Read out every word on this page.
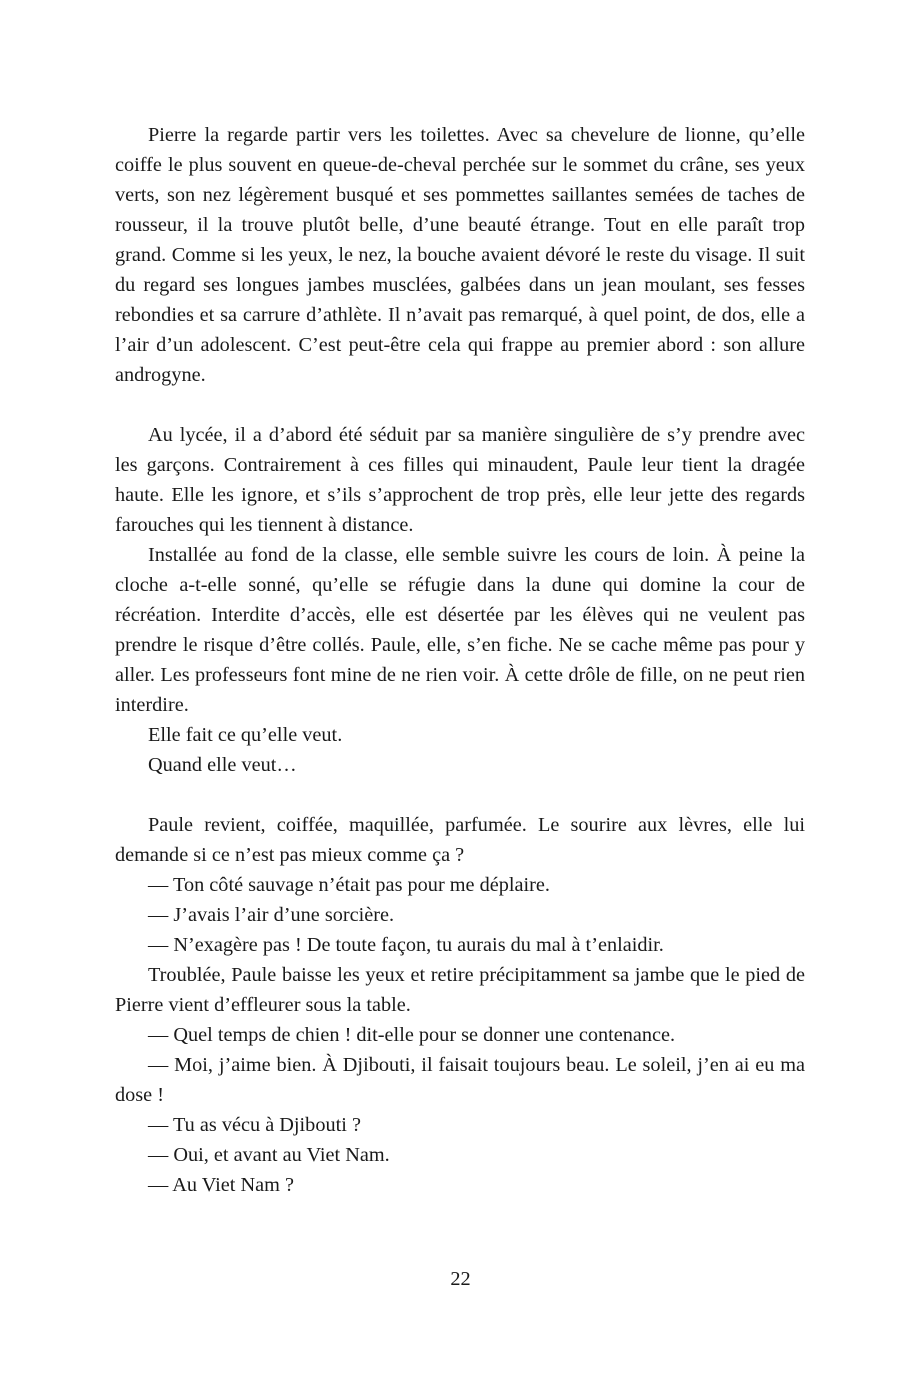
Pierre la regarde partir vers les toilettes. Avec sa chevelure de lionne, qu’elle coiffe le plus souvent en queue-de-cheval perchée sur le sommet du crâne, ses yeux verts, son nez légèrement busqué et ses pommettes saillantes semées de taches de rousseur, il la trouve plutôt belle, d’une beauté étrange. Tout en elle paraît trop grand. Comme si les yeux, le nez, la bouche avaient dévoré le reste du visage. Il suit du regard ses longues jambes musclées, galbées dans un jean moulant, ses fesses rebondies et sa carrure d’athlète. Il n’avait pas remarqué, à quel point, de dos, elle a l’air d’un adolescent. C’est peut-être cela qui frappe au premier abord : son allure androgyne.

Au lycée, il a d’abord été séduit par sa manière singulière de s’y prendre avec les garçons. Contrairement à ces filles qui minaudent, Paule leur tient la dragée haute. Elle les ignore, et s’ils s’approchent de trop près, elle leur jette des regards farouches qui les tiennent à distance.

Installée au fond de la classe, elle semble suivre les cours de loin. À peine la cloche a-t-elle sonné, qu’elle se réfugie dans la dune qui domine la cour de récréation. Interdite d’accès, elle est désertée par les élèves qui ne veulent pas prendre le risque d’être collés. Paule, elle, s’en fiche. Ne se cache même pas pour y aller. Les professeurs font mine de ne rien voir. À cette drôle de fille, on ne peut rien interdire.

Elle fait ce qu’elle veut.

Quand elle veut…

Paule revient, coiffée, maquillée, parfumée. Le sourire aux lèvres, elle lui demande si ce n’est pas mieux comme ça ?

— Ton côté sauvage n’était pas pour me déplaire.

— J’avais l’air d’une sorcière.

— N’exagère pas ! De toute façon, tu aurais du mal à t’enlaidir.

Troublée, Paule baisse les yeux et retire précipitamment sa jambe que le pied de Pierre vient d’effleurer sous la table.

— Quel temps de chien ! dit-elle pour se donner une contenance.

— Moi, j’aime bien. À Djibouti, il faisait toujours beau. Le soleil, j’en ai eu ma dose !

— Tu as vécu à Djibouti ?

— Oui, et avant au Viet Nam.

— Au Viet Nam ?

22
